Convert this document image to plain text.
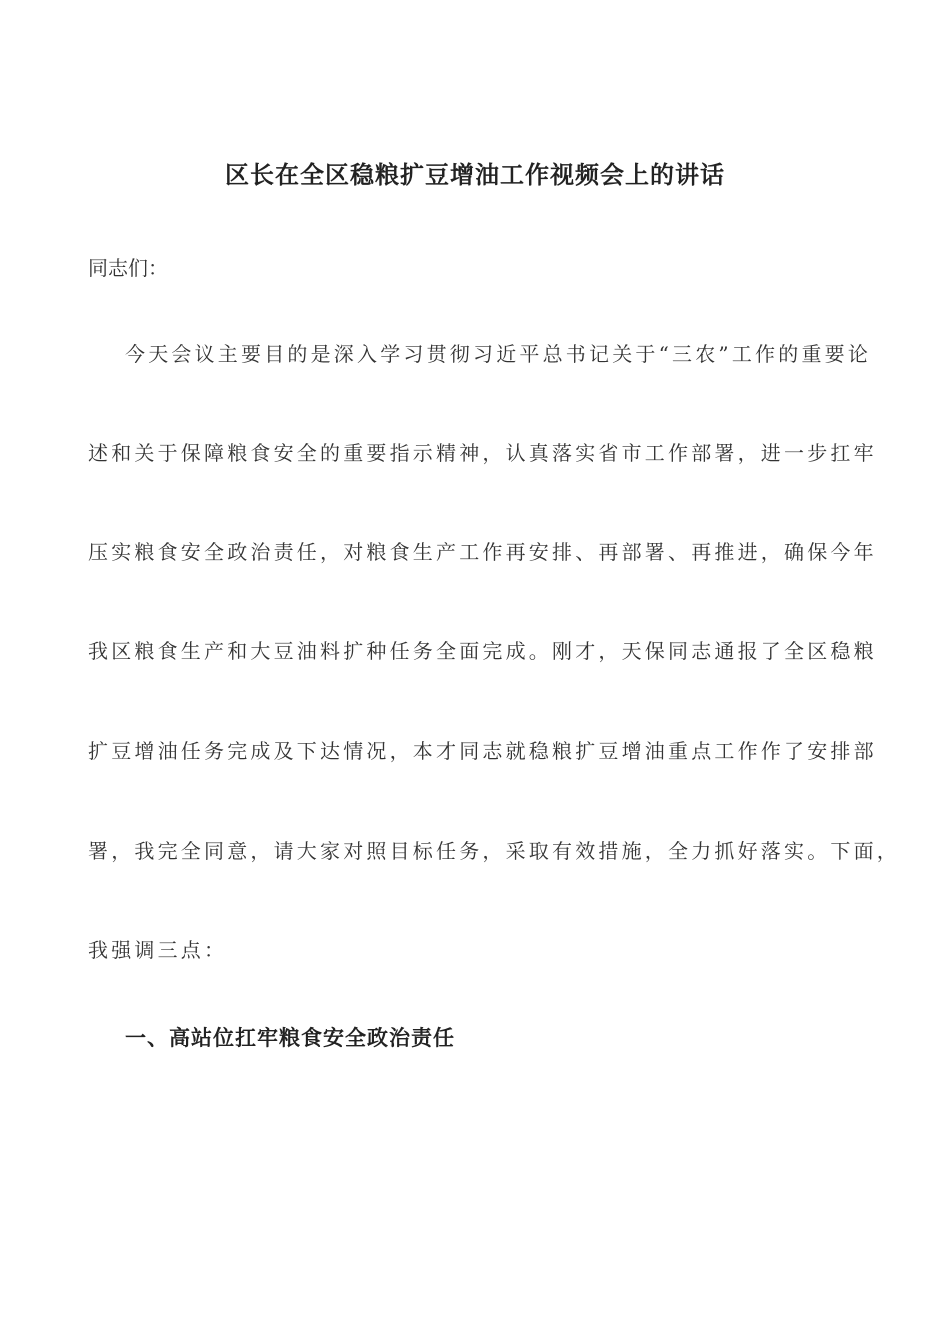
区长在全区稳粮扩豆增油工作视频会上的讲话
同志们：
今天会议主要目的是深入学习贯彻习近平总书记关于“三农”工作的重要论
述和关于保障粮食安全的重要指示精神，认真落实省市工作部署，进一步扛牢
压实粮食安全政治责任，对粮食生产工作再安排、再部署、再推进，确保今年
我区粮食生产和大豆油料扩种任务全面完成。刚才，天保同志通报了全区稳粮
扩豆增油任务完成及下达情况，本才同志就稳粮扩豆增油重点工作作了安排部
署，我完全同意，请大家对照目标任务，采取有效措施，全力抓好落实。下面，
我强调三点：
一、高站位扛牢粮食安全政治责任
